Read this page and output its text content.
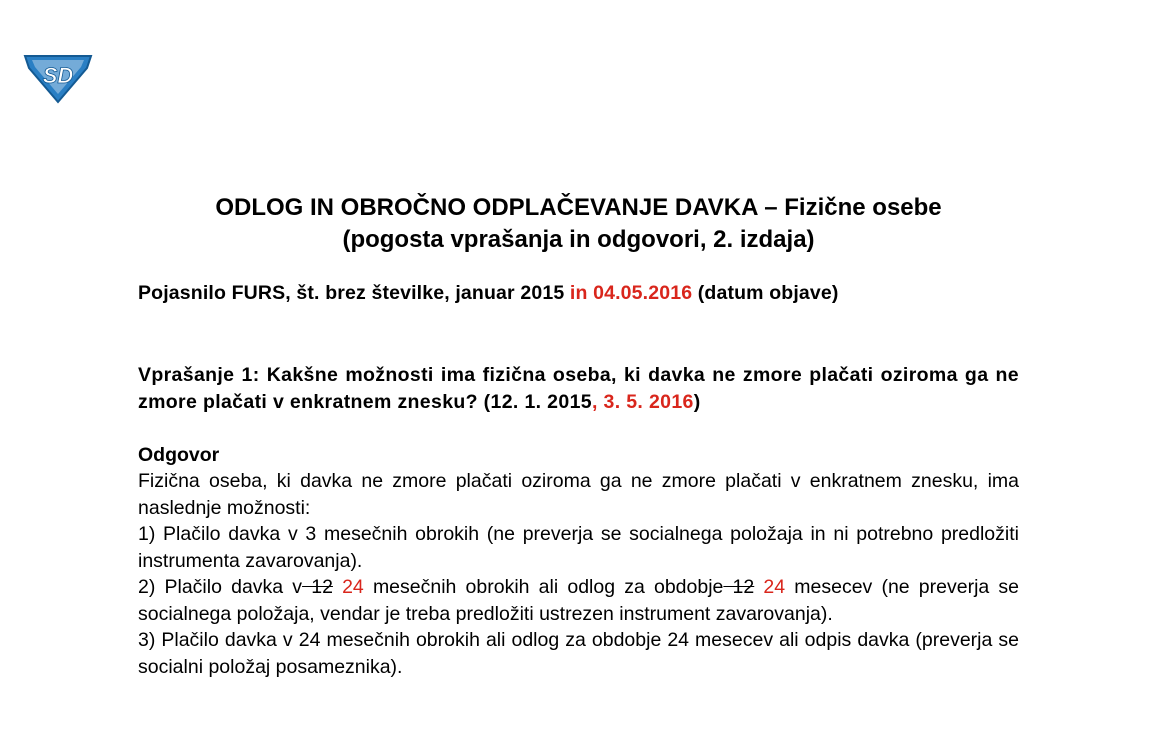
SD
ODLOG IN OBROČNO ODPLAČEVANJE DAVKA – Fizične osebe
(pogosta vprašanja in odgovori, 2. izdaja)
Pojasnilo FURS, št. brez številke, januar 2015 in 04.05.2016 (datum objave)
Vprašanje 1: Kakšne možnosti ima fizična oseba, ki davka ne zmore plačati oziroma ga ne zmore plačati v enkratnem znesku? (12. 1. 2015, 3. 5. 2016)
Odgovor
Fizična oseba, ki davka ne zmore plačati oziroma ga ne zmore plačati v enkratnem znesku, ima naslednje možnosti:
1) Plačilo davka v 3 mesečnih obrokih (ne preverja se socialnega položaja in ni potrebno predložiti instrumenta zavarovanja).
2) Plačilo davka v 12 24 mesečnih obrokih ali odlog za obdobje 12 24 mesecev (ne preverja se socialnega položaja, vendar je treba predložiti ustrezen instrument zavarovanja).
3) Plačilo davka v 24 mesečnih obrokih ali odlog za obdobje 24 mesecev ali odpis davka (preverja se socialni položaj posameznika).
